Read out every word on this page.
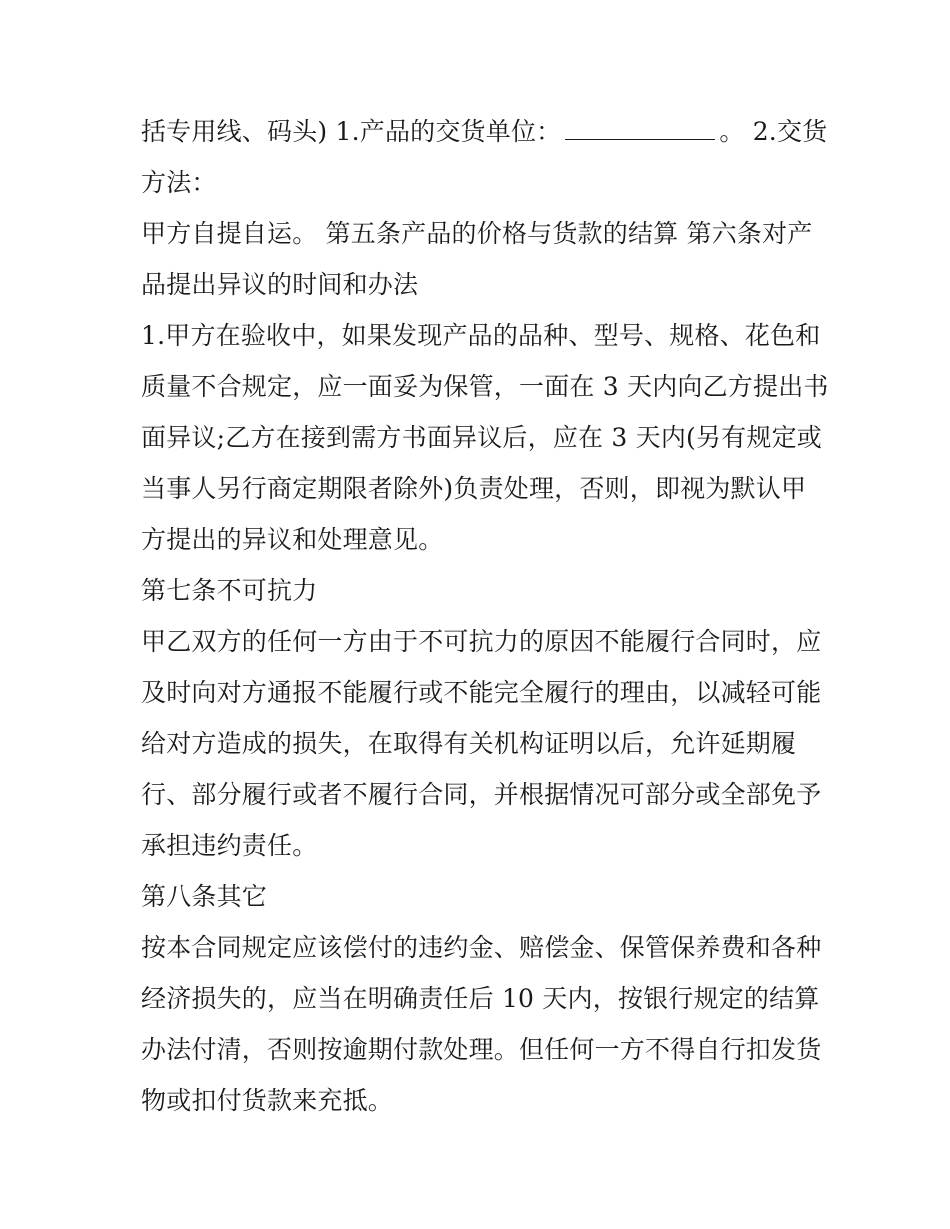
括专用线、码头) 1.产品的交货单位：	。 2.交货
方法：
甲方自提自运。 第五条产品的价格与货款的结算 第六条对产
品提出异议的时间和办法
1.甲方在验收中，如果发现产品的品种、型号、规格、花色和
质量不合规定，应一面妥为保管，一面在 3 天内向乙方提出书
面异议;乙方在接到需方书面异议后，应在 3 天内(另有规定或
当事人另行商定期限者除外)负责处理，否则，即视为默认甲
方提出的异议和处理意见。
第七条不可抗力
甲乙双方的任何一方由于不可抗力的原因不能履行合同时，应
及时向对方通报不能履行或不能完全履行的理由，以减轻可能
给对方造成的损失，在取得有关机构证明以后，允许延期履
行、部分履行或者不履行合同，并根据情况可部分或全部免予
承担违约责任。
第八条其它
按本合同规定应该偿付的违约金、赔偿金、保管保养费和各种
经济损失的，应当在明确责任后 10 天内，按银行规定的结算
办法付清，否则按逾期付款处理。但任何一方不得自行扣发货
物或扣付货款来充抵。
